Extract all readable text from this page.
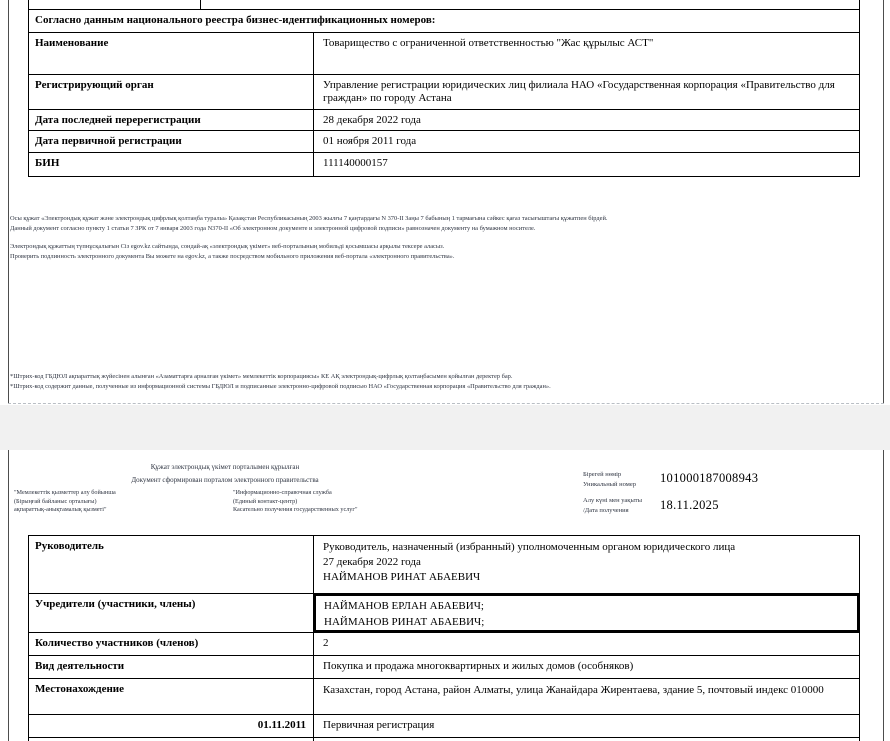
Согласно данным национального реестра бизнес-идентификационных номеров:
Наименование	Товарищество с ограниченной ответственностью "Жас құрылыс АСТ"
Регистрирующий орган	Управление регистрации юридических лиц филиала НАО «Государственная корпорация «Правительство для граждан» по городу Астана
Дата последней перерегистрации	28 декабря 2022 года
Дата первичной регистрации	01 ноября 2011 года
БИН	111140000157

Осы құжат «Электрондық құжат және электрондық цифрлық қолтаңба туралы» Қазақстан Республикасының 2003 жылғы 7 қаңтардағы N 370-II Заңы 7 бабының 1 тармағына сәйкес қағаз тасығыштағы құжатпен бірдей.
Данный документ согласно пункту 1 статьи 7 ЗРК от 7 января 2003 года N370-II «Об электронном документе и электронной цифровой подписи» равнозначен документу на бумажном носителе.

Электрондық құжаттың түпнұсқалығын Сіз egov.kz сайтында, сондай-ақ «электрондық үкімет» веб-порталының мобильді қосымшасы арқылы тексере аласыз.
Проверить подлинность электронного документа Вы можете на egov.kz, а также посредством мобильного приложения веб-портала «электронного правительства».

*Штрих-код ГБДЮЛ ақпараттық жүйесінен алынған «Азаматтарға арналған үкімет» мемлекеттік корпорациясы» КЕ АҚ электрондық-цифрлық қолтаңбасымен қойылған деректер бар.
*Штрих-код содержит данные, полученные из информационной системы ГБДЮЛ и подписанные электронно-цифровой подписью НАО «Государственная корпорация «Правительство для граждан».
Құжат электрондық үкімет порталымен құрылған
Документ сформирован порталом электронного правительства
"Мемлекеттік қызметтер алу бойынша
(Бірыңғай байланыс орталығы)
ақпараттық-анықтамалық қызметі"
"Информационно-справочная служба
(Единый контакт-центр)
Касательно получения государственных услуг"
Бірегей нөмір
Уникальный номер	101000187008943
Алу күні мен уақыты
/Дата получения	18.11.2025
Руководитель	Руководитель, назначенный (избранный) уполномоченным органом юридического лица
27 декабря 2022 года
НАЙМАНОВ РИНАТ АБАЕВИЧ
Учредители (участники, члены)	НАЙМАНОВ ЕРЛАН АБАЕВИЧ;
НАЙМАНОВ РИНАТ АБАЕВИЧ;
Количество участников (членов)	2
Вид деятельности	Покупка и продажа многоквартирных и жилых домов (особняков)
Местонахождение	Казахстан, город Астана, район Алматы, улица Жанайдара Жирентаева, здание 5, почтовый индекс 010000
01.11.2011	Первичная регистрация
